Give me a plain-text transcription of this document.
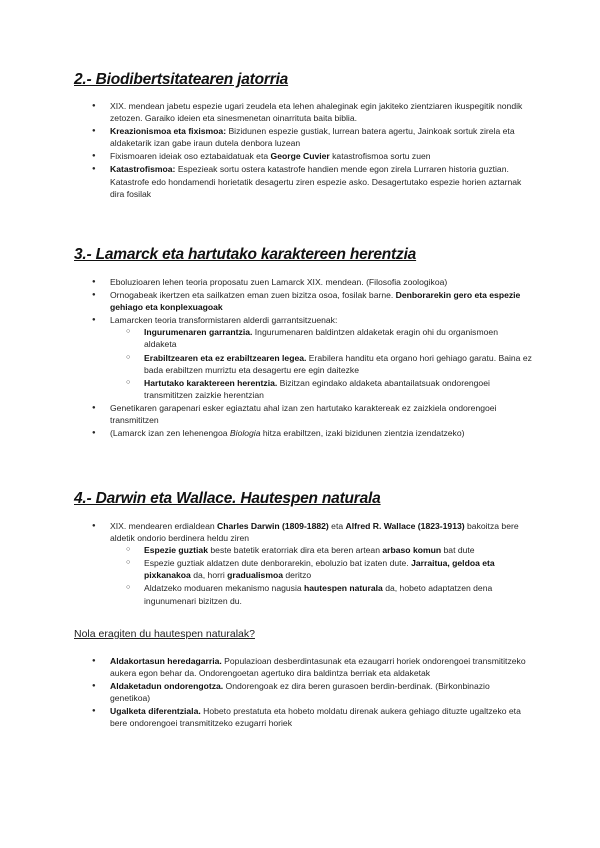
2.- Biodibertsitatearen jatorria
● XIX. mendean jabetu espezie ugari zeudela eta lehen ahaleginak egin jakiteko zientziaren ikuspegitik nondik zetozen. Garaiko ideien eta sinesmenetan oinarrituta baita biblia.
● Kreazionismoa eta fixismoa: Bizidunen espezie gustiak, lurrean batera agertu, Jainkoak sortuk zirela eta aldaketarik izan gabe iraun dutela denbora luzean
● Fixismoaren ideiak oso eztabaidatuak eta George Cuvier katastrofismoa sortu zuen
● Katastrofismoa: Espezieak sortu ostera katastrofe handien mende egon zirela Lurraren historia guztian. Katastrofe edo hondamendi horietatik desagertu ziren espezie asko. Desagertutako espezie horien aztarnak dira fosilak
3.- Lamarck eta hartutako karaktereen herentzia
● Eboluzioaren lehen teoria proposatu zuen Lamarck XIX. mendean. (Filosofia zoologikoa)
● Ornogabeak ikertzen eta sailkatzen eman zuen bizitza osoa, fosilak barne. Denborarekin gero eta espezie gehiago eta konplexuagoak
● Lamarcken teoria transformistaren alderdi garrantsitzuenak:
○ Ingurumenaren garrantzia. Ingurumenaren baldintzen aldaketak eragin ohi du organismoen aldaketa
○ Erabiltzearen eta ez erabiltzearen legea. Erabilera handitu eta organo hori gehiago garatu. Baina ez bada erabiltzen murriztu eta desagertu ere egin daitezke
○ Hartutako karaktereen herentzia. Bizitzan egindako aldaketa abantailatsuak ondorengoei transmititzen zaizkie herentzian
● Genetikaren garapenari esker egiaztatu ahal izan zen hartutako karaktereak ez zaizkiela ondorengoei transmititzen
● (Lamarck izan zen lehenengoa Biologia hitza erabiltzen, izaki bizidunen zientzia izendatzeko)
4.- Darwin eta Wallace. Hautespen naturala
● XIX. mendearen erdialdean Charles Darwin (1809-1882) eta Alfred R. Wallace (1823-1913) bakoitza bere aldetik ondorio berdinera heldu ziren
○ Espezie guztiak beste batetik eratorriak dira eta beren artean arbaso komun bat dute
○ Espezie guztiak aldatzen dute denborarekin, eboluzio bat izaten dute. Jarraitua, geldoa eta pixkanakoa da, horri gradualismoa deritzo
○ Aldatzeko moduaren mekanismo nagusia hautespen naturala da, hobeto adaptatzen dena ingunumenari bizitzen du.

Nola eragiten du hautespen naturalak?

● Aldakortasun heredagarria. Populazioan desberdintasunak eta ezaugarri horiek ondorengoei transmititzeko aukera egon behar da. Ondorengoetan agertuko dira baldintza berriak eta aldaketak
● Aldaketadun ondorengotza. Ondorengoak ez dira beren gurasoen berdin-berdinak. (Birkonbinazio genetikoa)
● Ugalketa diferentziala. Hobeto prestatuta eta hobeto moldatu direnak aukera gehiago dituzte ugaltzeko eta bere ondorengoei transmititzeko ezugarri horiek
